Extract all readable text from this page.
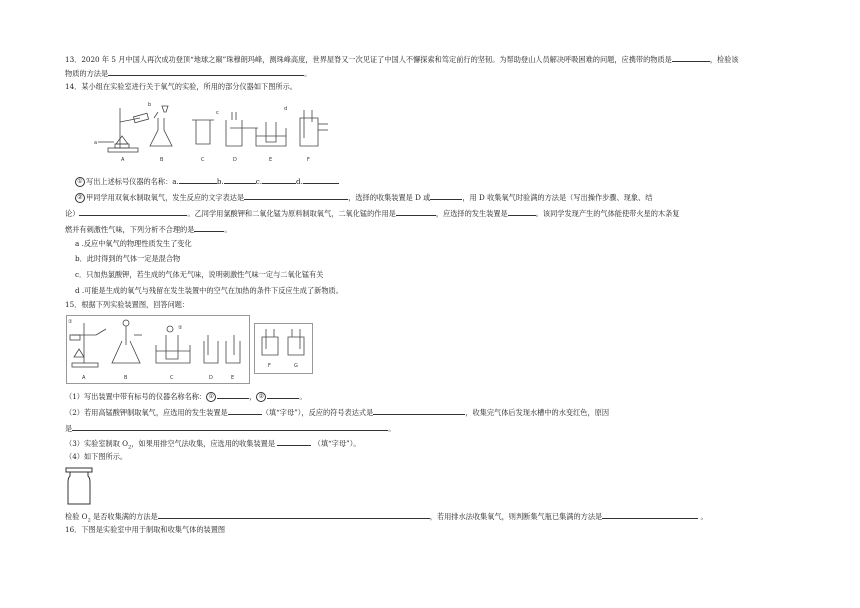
13．2020 年 5 月中国人再次成功登顶“地球之巅”珠穆朗玛峰，测珠峰高度，世界屋脊又一次见证了中国人不懈探索和笃定前行的坚韧。为帮助登山人员解决呼吸困难的问题，应携带的物质是	，检验该
物质的方法是	。
14．某小组在实验室进行关于氧气的实验，所用的部分仪器如下图所示。
a
b
c
d
A	B	C	D	E	F
① 写出上述标号仪器的名称：a.	b.	c.	d.
② 甲同学用双氧水制取氧气，发生反应的文字表达是	，选择的收集装置是 D 或	，用 D 收集氧气时验满的方法是（写出操作步骤、现象、结
论）	。乙同学用氯酸钾和二氧化锰为原料制取氧气，二氧化锰的作用是	，应选择的发生装置是	。该同学发现产生的气体能使带火星的木条复
燃并有刺激性气味，下列分析不合理的是	。
a .反应中氧气的物理性质发生了变化
b．此时得到的气体一定是混合物
c．只加热氯酸钾，若生成的气体无气味，说明刺激性气味一定与二氧化锰有关
d .可能是生成的氧气与残留在发生装置中的空气在加热的条件下反应生成了新物质。
15．根据下列实验装置图，回答问题：
①
②
A	B	C	D	E
F	G
（1）写出装置中带有标号的仪器名称名称： ①	， ②	。
（2）若用高锰酸钾制取氧气，应选用的发生装置是	（填“字母”），反应的符号表达式是	，收集完气体后发现水槽中的水变红色，原因
是	。
（3）实验室制取 $O_2$，如果用排空气法收集，应选用的收集装置是	（填“字母”）。
（4）如下图所示。
检验 $O_2$ 是否收集满的方法是	，若用排水法收集氧气，则判断集气瓶已集满的方法是	。
16．下图是实验室中用于制取和收集气体的装置图
